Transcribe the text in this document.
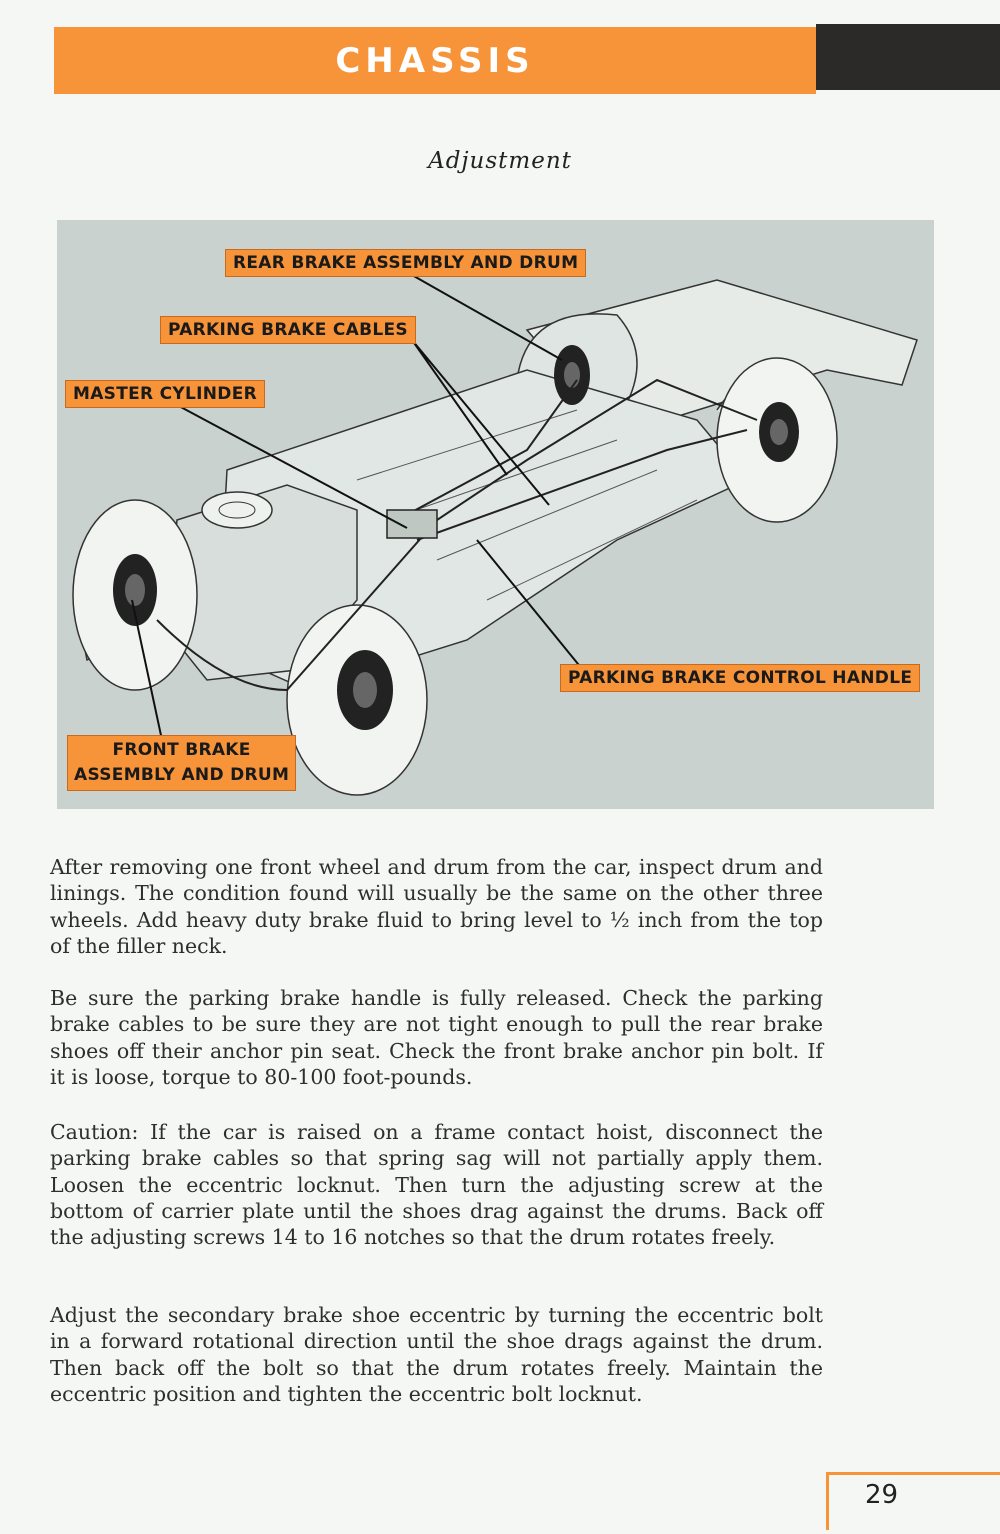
CHASSIS
Adjustment
REAR BRAKE ASSEMBLY AND DRUM
PARKING BRAKE CABLES
MASTER CYLINDER
PARKING BRAKE CONTROL HANDLE
FRONT BRAKE
ASSEMBLY AND DRUM

After removing one front wheel and drum from the car, inspect drum and linings. The condition found will usually be the same on the other three wheels. Add heavy duty brake fluid to bring level to ½ inch from the top of the filler neck.

Be sure the parking brake handle is fully released. Check the parking brake cables to be sure they are not tight enough to pull the rear brake shoes off their anchor pin seat. Check the front brake anchor pin bolt. If it is loose, torque to 80-100 foot-pounds.

Caution: If the car is raised on a frame contact hoist, disconnect the parking brake cables so that spring sag will not partially apply them. Loosen the eccentric locknut. Then turn the adjusting screw at the bottom of carrier plate until the shoes drag against the drums. Back off the adjusting screws 14 to 16 notches so that the drum rotates freely.

Adjust the secondary brake shoe eccentric by turning the eccentric bolt in a forward rotational direction until the shoe drags against the drum. Then back off the bolt so that the drum rotates freely. Maintain the eccentric position and tighten the eccentric bolt locknut.

29
